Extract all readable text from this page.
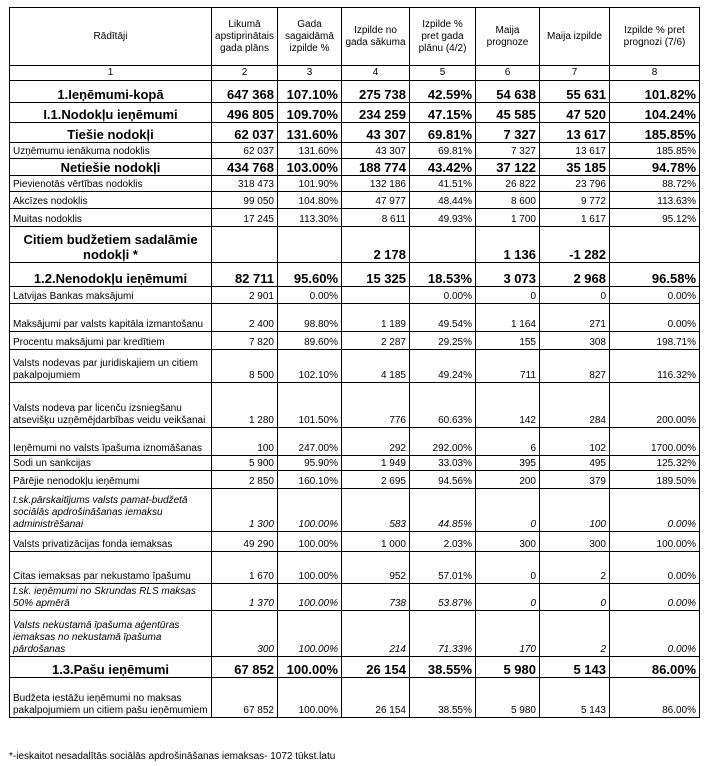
Rādītāji	Likumā apstiprinātais gada plāns	Gada sagaidāmā izpilde %	Izpilde no gada sākuma	Izpilde % pret gada plānu (4/2)	Maija prognoze	Maija izpilde	Izpilde % pret prognozi (7/6)
1	2	3	4	5	6	7	8
1.Ieņēmumi-kopā	647 368	107.10%	275 738	42.59%	54 638	55 631	101.82%
I.1.Nodokļu ieņēmumi	496 805	109.70%	234 259	47.15%	45 585	47 520	104.24%
Tiešie nodokļi	62 037	131.60%	43 307	69.81%	7 327	13 617	185.85%
Uzņēmumu ienākuma nodoklis	62 037	131.60%	43 307	69.81%	7 327	13 617	185.85%
Netiešie nodokļi	434 768	103.00%	188 774	43.42%	37 122	35 185	94.78%
Pievienotās vērtības nodoklis	318 473	101.90%	132 186	41.51%	26 822	23 796	88.72%
Akcīzes nodoklis	99 050	104.80%	47 977	48.44%	8 600	9 772	113.63%
Muitas nodoklis	17 245	113.30%	8 611	49.93%	1 700	1 617	95.12%
Citiem budžetiem sadalāmie nodokļi *			2 178		1 136	-1 282	
1.2.Nenodokļu ieņēmumi	82 711	95.60%	15 325	18.53%	3 073	2 968	96.58%
Latvijas Bankas maksājumi	2 901	0.00%		0.00%	0	0	0.00%
Maksājumi par valsts kapitāla izmantošanu	2 400	98.80%	1 189	49.54%	1 164	271	0.00%
Procentu maksājumi par kredītiem	7 820	89.60%	2 287	29.25%	155	308	198.71%
Valsts nodevas par juridiskajiem un citiem pakalpojumiem	8 500	102.10%	4 185	49.24%	711	827	116.32%
Valsts nodeva par licenču izsniegšanu atsevišķu uzņēmējdarbības veidu veikšanai	1 280	101.50%	776	60.63%	142	284	200.00%
Ieņēmumi no valsts īpašuma iznomāšanas	100	247.00%	292	292.00%	6	102	1700.00%
Sodi un sankcijas	5 900	95.90%	1 949	33.03%	395	495	125.32%
Pārējie nenodokļu ieņēmumi	2 850	160.10%	2 695	94.56%	200	379	189.50%
t.sk.pārskaitījums valsts pamat-budžetā sociālās apdrošināšanas iemaksu administrēšanai	1 300	100.00%	583	44.85%	0	100	0.00%
Valsts privatizācijas fonda iemaksas	49 290	100.00%	1 000	2.03%	300	300	100.00%
Citas iemaksas par nekustamo īpašumu	1 670	100.00%	952	57.01%	0	2	0.00%
t.sk. ieņēmumi no Skrundas RLS maksas 50% apmērā	1 370	100.00%	738	53.87%	0	0	0.00%
Valsts nekustamā īpašuma aģentūras iemaksas no nekustamā īpašuma pārdošanas	300	100.00%	214	71.33%	170	2	0.00%
1.3.Pašu ieņēmumi	67 852	100.00%	26 154	38.55%	5 980	5 143	86.00%
Budžeta iestāžu ieņēmumi no maksas pakalpojumiem un citiem pašu ieņēmumiem	67 852	100.00%	26 154	38.55%	5 980	5 143	86.00%
*-ieskaitot nesadalītās sociālās apdrošināšanas iemaksas- 1072 tūkst.latu
